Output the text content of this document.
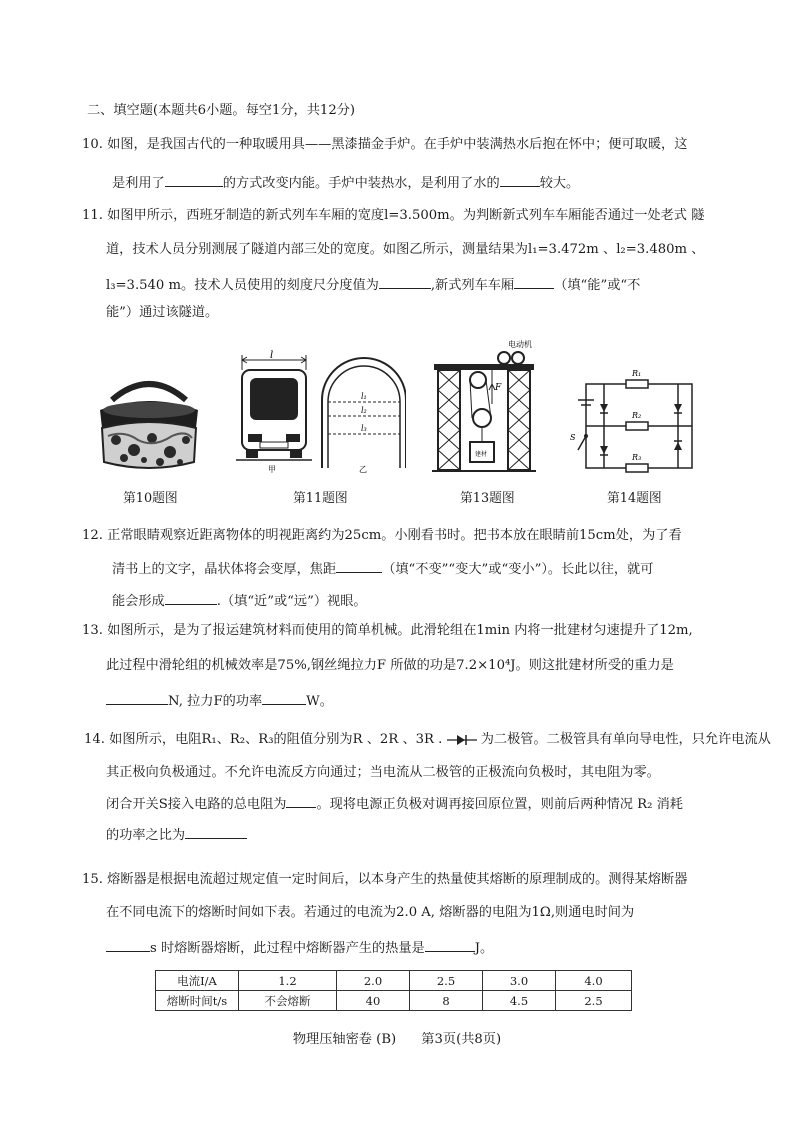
二、填空题(本题共6小题。每空1分，共12分)
10. 如图，是我国古代的一种取暖用具——黑漆描金手炉。在手炉中装满热水后抱在怀中；便可取暖，这
是利用了	的方式改变内能。手炉中装热水，是利用了水的	较大。
11. 如图甲所示，西班牙制造的新式列车车厢的宽度l=3.500m。为判断新式列车车厢能否通过一处老式 隧
道，技术人员分别测展了隧道内部三处的宽度。如图乙所示，测量结果为l₁=3.472m 、l₂=3.480m 、
l₃=3.540 m。技术人员使用的刻度尺分度值为	,新式列车车厢	（填“能”或“不
能”）通过该隧道。
第10题图
l
甲
l₁
l₂
l₃
乙
第11题图
电动机
F
建材
第13题图
R₁
R₂
R₃
S
第14题图
12. 正常眼睛观察近距离物体的明视距离约为25cm。小刚看书时。把书本放在眼睛前15cm处，为了看
清书上的文字，晶状体将会变厚，焦距	（填“不变”“变大”或“变小”）。长此以往，就可
能会形成	.（填“近”或“远”）视眼。
13. 如图所示，是为了报运建筑材料而使用的简单机械。此滑轮组在1min 内将一批建材匀速提升了12m,
此过程中滑轮组的机械效率是75%,钢丝绳拉力F 所做的功是7.2×10⁴J。则这批建材所受的重力是
N, 拉力F的功率	W。
14. 如图所示，电阻R₁、R₂、R₃的阻值分别为R 、2R 、3R .	为二极管。二极管具有单向导电性，只允许电流从
其正极向负极通过。不允许电流反方向通过；当电流从二极管的正极流向负极时，其电阻为零。
闭合开关S接入电路的总电阻为 。现将电源正负极对调再接回原位置，则前后两种情况 R₂ 消耗
的功率之比为
15. 熔断器是根据电流超过规定值一定时间后，以本身产生的热量使其熔断的原理制成的。测得某熔断器
在不同电流下的熔断时间如下表。若通过的电流为2.0 A, 熔断器的电阻为1Ω,则通电时间为
s 时熔断器熔断，此过程中熔断器产生的热量是	J。
电流I/A	1.2	2.0	2.5	3.0	4.0
熔断时间t/s	不会熔断	40	8	4.5	2.5
物理压轴密卷 (B)      第3页(共8页)
